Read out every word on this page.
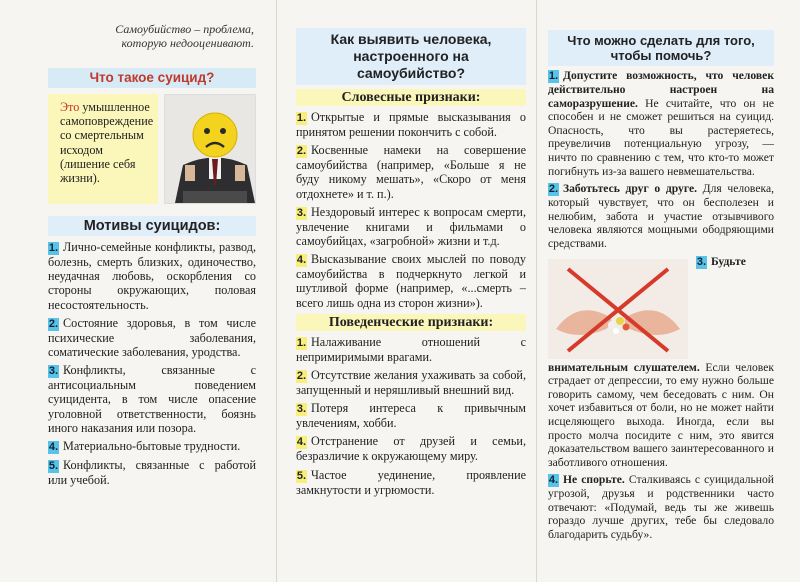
Самоубийство – проблема,
которую недооценивают.
Что такое суицид?
Это умышленное самоповреждение со смертельным исходом (лишение себя жизни).
Мотивы суицидов:

1. Лично-семейные конфликты, развод, болезнь, смерть близких, одиночество, неудачная любовь, оскорбления со стороны окружающих, половая несостоятельность.

2. Состояние здоровья, в том числе психические заболевания, соматические заболевания, уродства.

3. Конфликты, связанные с антисоциальным поведением суицидента, в том числе опасение уголовной ответственности, боязнь иного наказания или позора.

4. Материально-бытовые трудности.

5. Конфликты, связанные с работой или учебой.

Как выявить человека, настроенного на самоубийство?
Словесные признаки:

1. Открытые и прямые высказывания о принятом решении покончить с собой.

2. Косвенные намеки на совершение самоубийства (например, «Больше я не буду никому мешать», «Скоро от меня отдохнете» и т. п.).

3. Нездоровый интерес к вопросам смерти, увлечение книгами и фильмами о самоубийцах, «загробной» жизни и т.д.

4. Высказывание своих мыслей по поводу самоубийства в подчеркнуто легкой и шутливой форме (например, «...смерть – всего лишь одна из сторон жизни»).

Поведенческие признаки:

1. Налаживание отношений с непримиримыми врагами.

2. Отсутствие желания ухаживать за собой, запущенный и неряшливый внешний вид.

3. Потеря интереса к привычным увлечениям, хобби.

4. Отстранение от друзей и семьи, безразличие к окружающему миру.

5. Частое уединение, проявление замкнутости и угрюмости.

Что можно сделать для того, чтобы помочь?

1. Допустите возможность, что человек действительно настроен на саморазрушение. Не считайте, что он не способен и не сможет решиться на суицид. Опасность, что вы растеряетесь, преувеличив потенциальную угрозу, — ничто по сравнению с тем, что кто-то может погибнуть из-за вашего невмешательства.

2. Заботьтесь друг о друге. Для человека, который чувствует, что он бесполезен и нелюбим, забота и участие отзывчивого человека являются мощными ободряющими средствами.

3. Будьте внимательным слушателем. Если человек страдает от депрессии, то ему нужно больше говорить самому, чем беседовать с ним. Он хочет избавиться от боли, но не может найти исцеляющего выхода. Иногда, если вы просто молча посидите с ним, это явится доказательством вашего заинтересованного и заботливого отношения.

4. Не спорьте. Сталкиваясь с суицидальной угрозой, друзья и родственники часто отвечают: «Подумай, ведь ты же живешь гораздо лучше других, тебе бы следовало благодарить судьбу».
